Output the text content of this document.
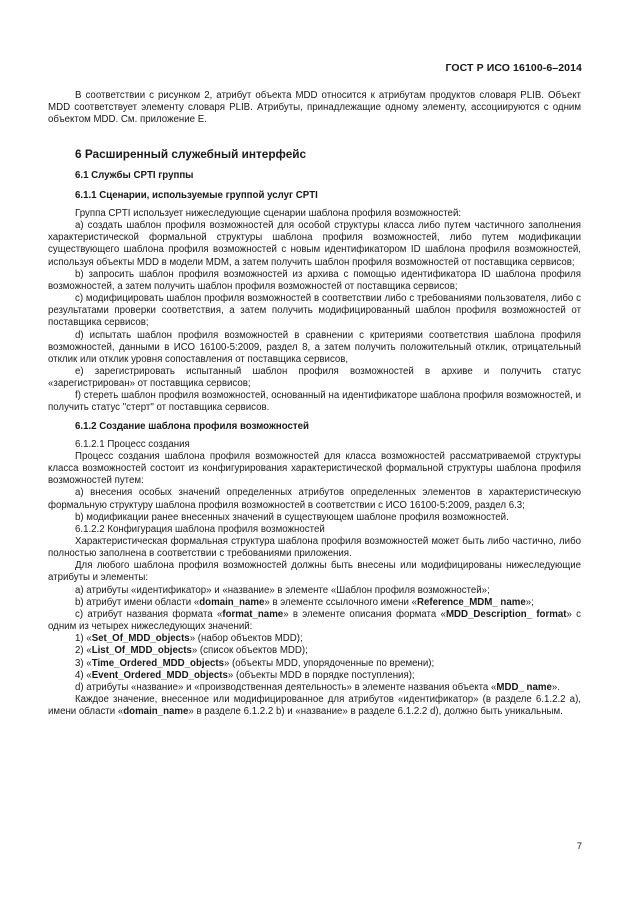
ГОСТ Р ИСО 16100-6–2014

В соответствии с рисунком 2, атрибут объекта MDD относится к атрибутам продуктов словаря PLIB. Объект MDD соответствует элементу словаря PLIB. Атрибуты, принадлежащие одному элементу, ассоциируются с одним объектом MDD. См. приложение Е.

6 Расширенный служебный интерфейс
6.1 Службы CPTI группы
6.1.1 Сценарии, используемые группой услуг CPTI

Группа CPTI использует нижеследующие сценарии шаблона профиля возможностей:

a) создать шаблон профиля возможностей для особой структуры класса либо путем частичного заполнения характеристической формальной структуры шаблона профиля возможностей, либо путем модификации существующего шаблона профиля возможностей с новым идентификатором ID шаблона профиля возможностей, используя объекты MDD в модели MDM, а затем получить шаблон профиля возможностей от поставщика сервисов;

b) запросить шаблон профиля возможностей из архива с помощью идентификатора ID шаблона профиля возможностей, а затем получить шаблон профиля возможностей от поставщика сервисов;

c) модифицировать шаблон профиля возможностей в соответствии либо с требованиями пользователя, либо с результатами проверки соответствия, а затем получить модифицированный шаблон профиля возможностей от поставщика сервисов;

d) испытать шаблон профиля возможностей в сравнении с критериями соответствия шаблона профиля возможностей, данными в ИСО 16100-5:2009, раздел 8, а затем получить положительный отклик, отрицательный отклик или отклик уровня сопоставления от поставщика сервисов,

e) зарегистрировать испытанный шаблон профиля возможностей в архиве и получить статус «зарегистрирован» от поставщика сервисов;

f) стереть шаблон профиля возможностей, основанный на идентификаторе шаблона профиля возможностей, и получить статус "стерт" от поставщика сервисов.

6.1.2 Создание шаблона профиля возможностей

6.1.2.1 Процесс создания

Процесс создания шаблона профиля возможностей для класса возможностей рассматриваемой структуры класса возможностей состоит из конфигурирования характеристической формальной структуры шаблона профиля возможностей путем:

а) внесения особых значений определенных атрибутов определенных элементов в характеристическую формальную структуру шаблона профиля возможностей в соответствии с ИСО 16100-5:2009, раздел 6.3;

b) модификации ранее внесенных значений в существующем шаблоне профиля возможностей.

6.1.2.2 Конфигурация шаблона профиля возможностей

Характеристическая формальная структура шаблона профиля возможностей может быть либо частично, либо полностью заполнена в соответствии с требованиями приложения.

Для любого шаблона профиля возможностей должны быть внесены или модифицированы нижеследующие атрибуты и элементы:

а) атрибуты «идентификатор» и «название» в элементе «Шаблон профиля возможностей»;

b) атрибут имени области «domain_name» в элементе ссылочного имени «Reference_MDM_ name»;

c) атрибут названия формата «format_name» в элементе описания формата «MDD_Description_ format» с одним из четырех нижеследующих значений:

1) «Set_Of_MDD_objects» (набор объектов MDD);

2) «List_Of_MDD_objects» (список объектов MDD);

3) «Time_Ordered_MDD_objects» (объекты MDD, упорядоченные по времени);

4) «Event_Ordered_MDD_objects» (объекты MDD в порядке поступления);

d) атрибуты «название» и «производственная деятельность» в элементе названия объекта «MDD_ name».

Каждое значение, внесенное или модифицированное для атрибутов «идентификатор» (в разделе 6.1.2.2 а), имени области «domain_name» в разделе 6.1.2.2 b) и «название» в разделе 6.1.2.2 d), должно быть уникальным.

7
